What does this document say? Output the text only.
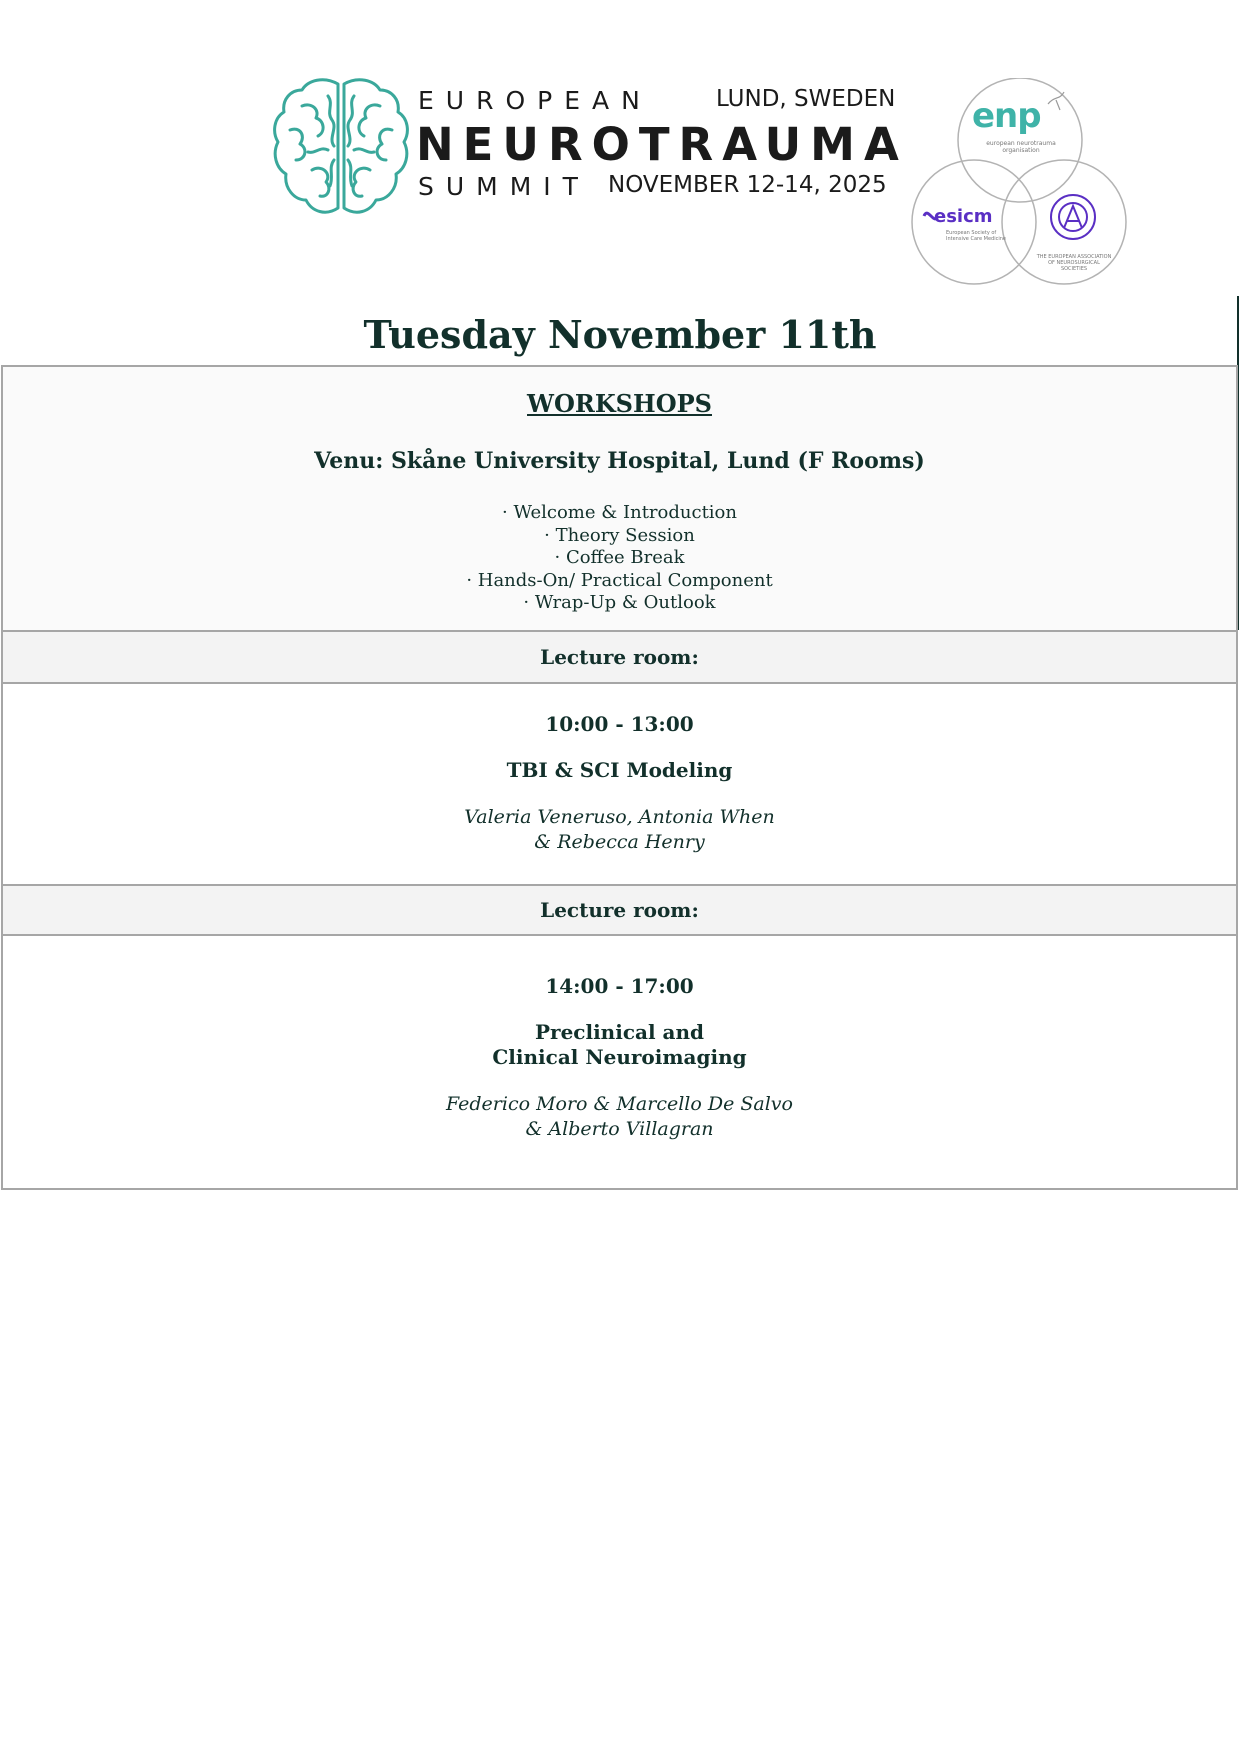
EUROPEAN	LUND, SWEDEN
NEUROTRAUMA
SUMMIT NOVEMBER 12-14, 2025
enp
european neurotrauma organisation
esicm
European Society of Intensive Care Medicine
THE EUROPEAN ASSOCIATION OF NEUROSURGICAL SOCIETIES
Tuesday November 11th
WORKSHOPS
Venu: Skåne University Hospital, Lund (F Rooms)
· Welcome & Introduction
· Theory Session
· Coffee Break
· Hands-On/ Practical Component
· Wrap-Up & Outlook
Lecture room:
10:00 - 13:00
TBI & SCI Modeling
Valeria Veneruso, Antonia When
& Rebecca Henry
Lecture room:
14:00 - 17:00
Preclinical and
Clinical Neuroimaging
Federico Moro & Marcello De Salvo
& Alberto Villagran
